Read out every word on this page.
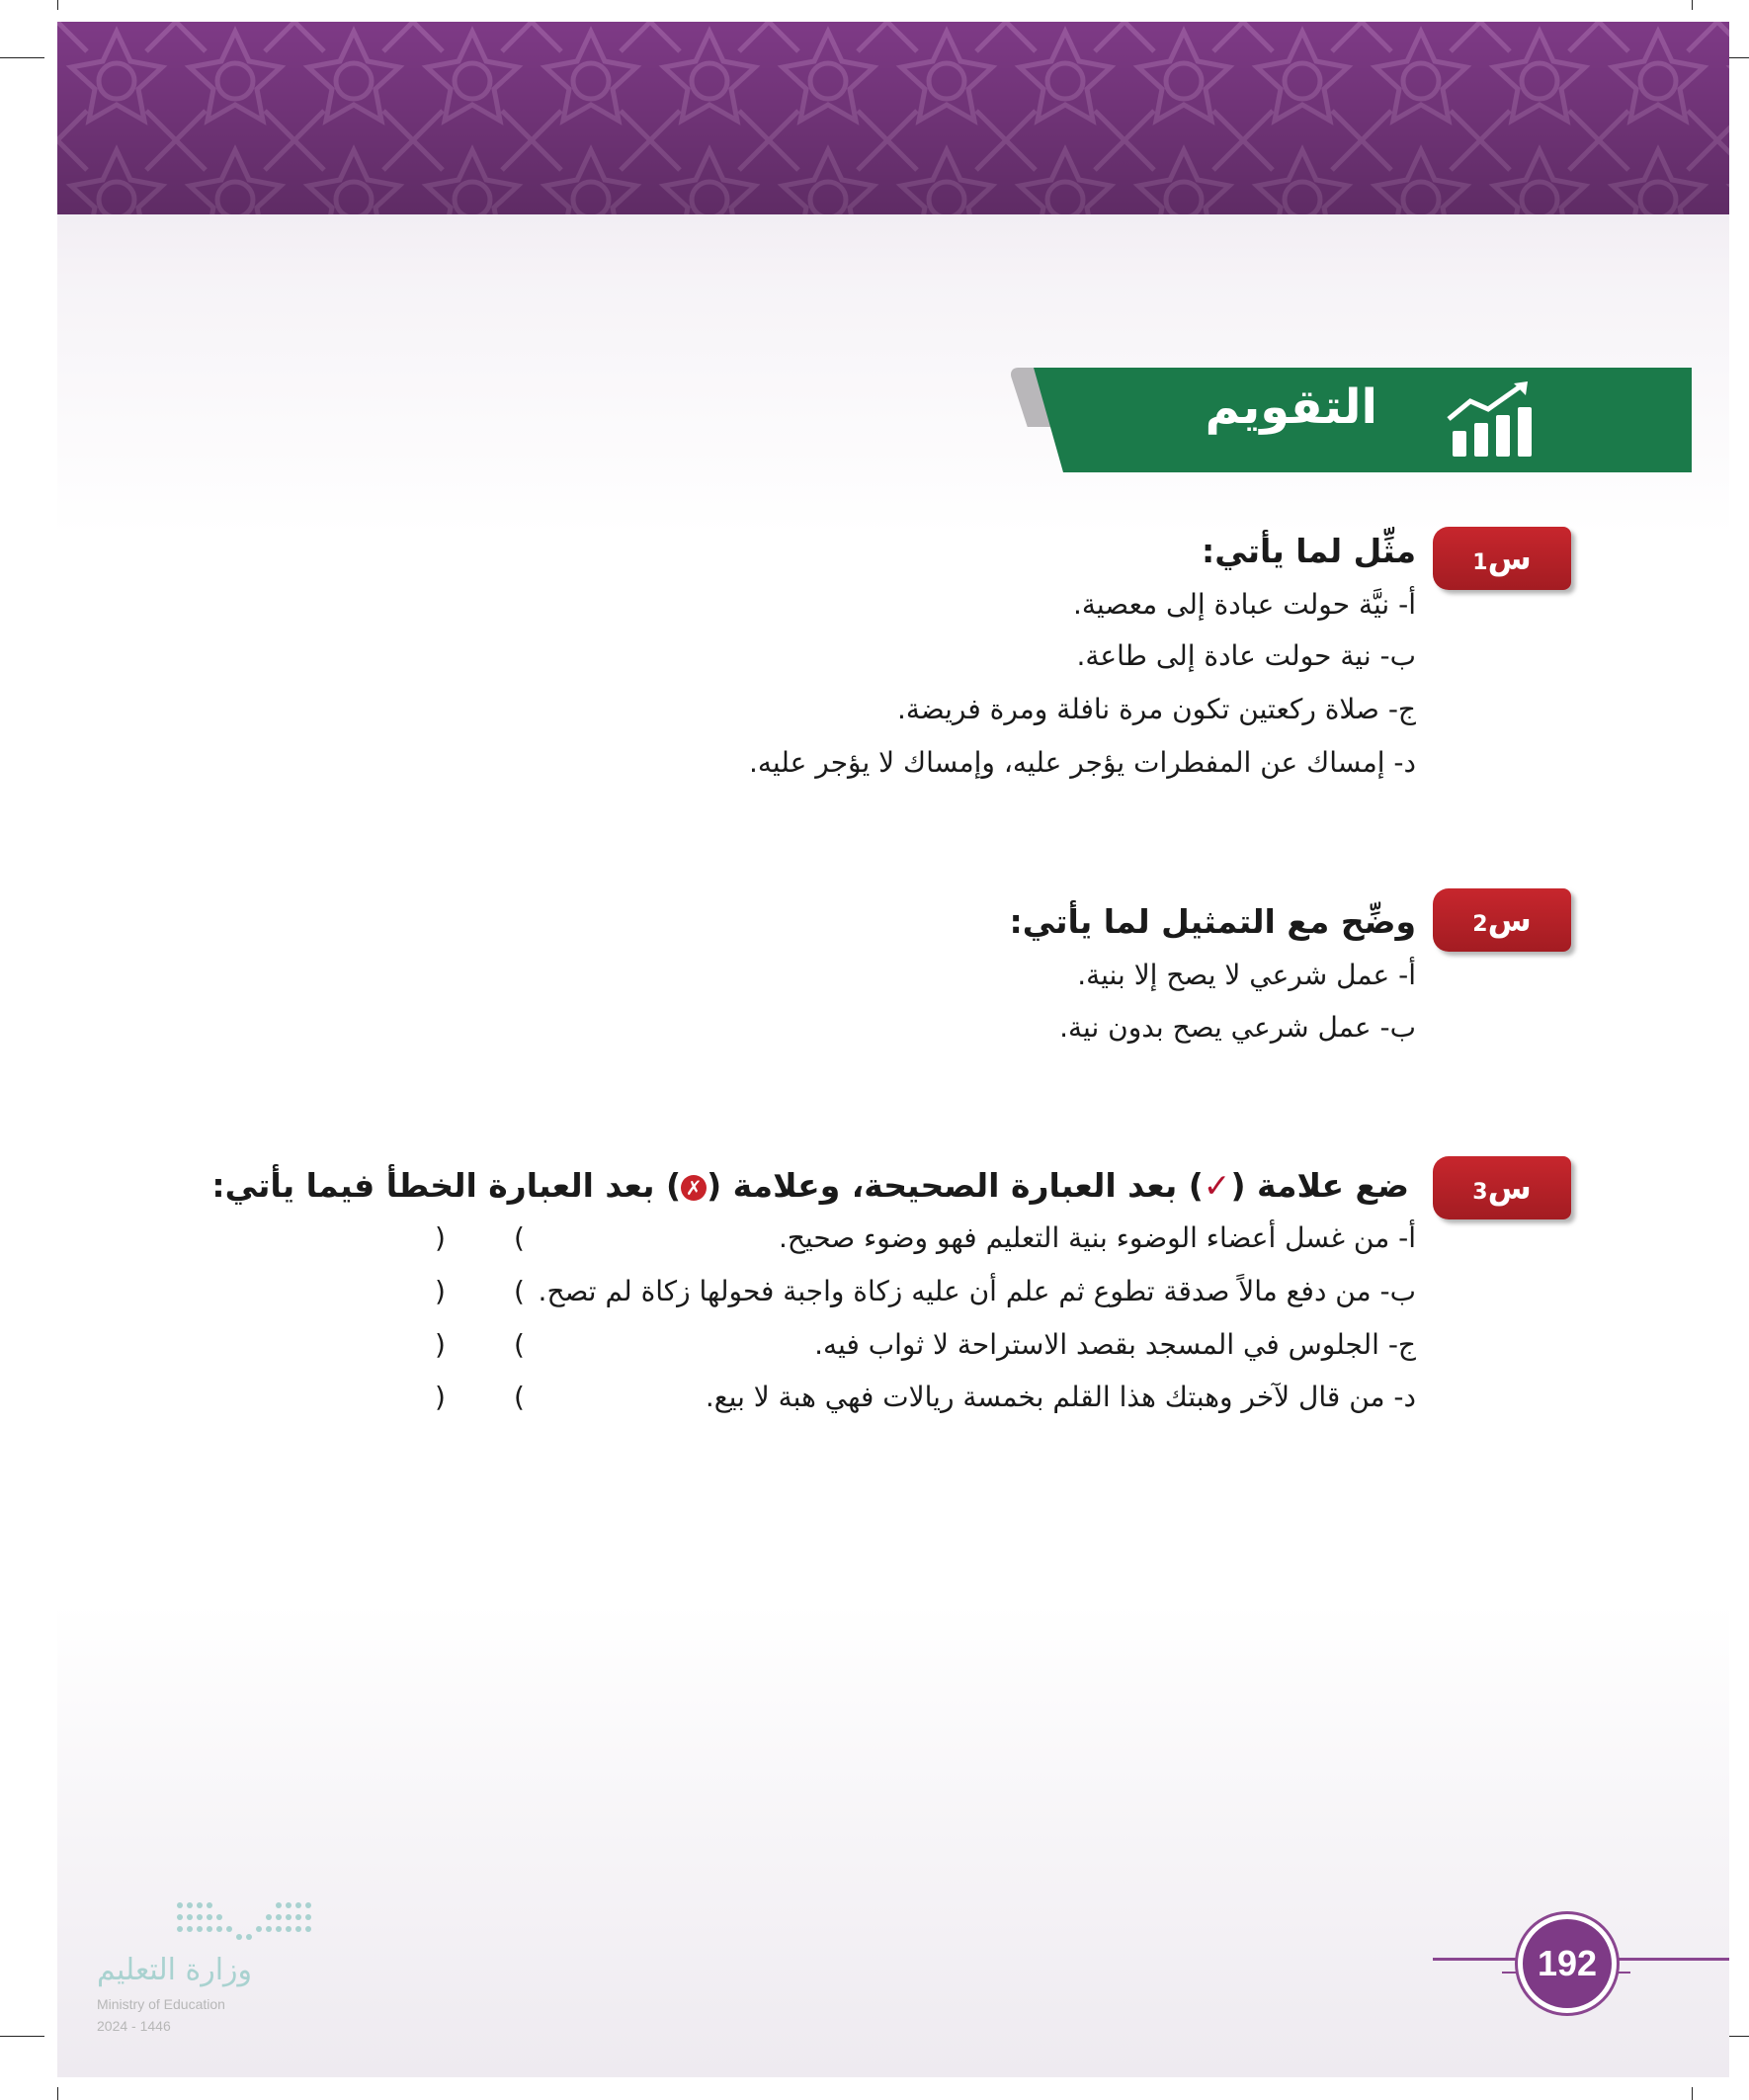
التقويم
س
$_1$
مثِّل لما يأتي:
أ- نيَّة حولت عبادة إلى معصية.
ب- نية حولت عادة إلى طاعة.
ج- صلاة ركعتين تكون مرة نافلة ومرة فريضة.
د- إمساك عن المفطرات يؤجر عليه، وإمساك لا يؤجر عليه.
س
$_2$
وضِّح مع التمثيل لما يأتي:
أ- عمل شرعي لا يصح إلا بنية.
ب- عمل شرعي يصح بدون نية.
س
$_3$
ضع علامة (✓) بعد العبارة الصحيحة، وعلامة (✗) بعد العبارة الخطأ فيما يأتي:
أ- من غسل أعضاء الوضوء بنية التعليم فهو وضوء صحيح.
(
)
ب- من دفع مالاً صدقة تطوع ثم علم أن عليه زكاة واجبة فحولها زكاة لم تصح.
(
)
ج- الجلوس في المسجد بقصد الاستراحة لا ثواب فيه.
(
)
د- من قال لآخر وهبتك هذا القلم بخمسة ريالات فهي هبة لا بيع.
(
)
192
وزارة التعليم
Ministry of Education
2024 - 1446
